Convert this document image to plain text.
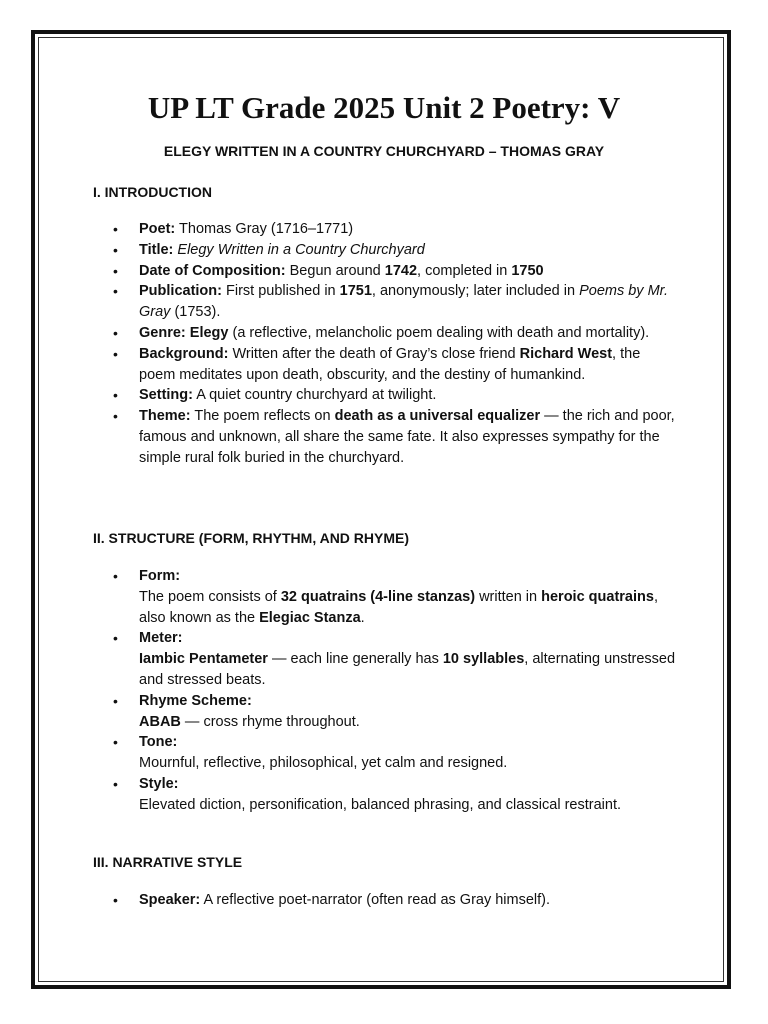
UP LT Grade 2025 Unit 2 Poetry: V

ELEGY WRITTEN IN A COUNTRY CHURCHYARD – THOMAS GRAY

I. INTRODUCTION

• Poet: Thomas Gray (1716–1771)
• Title: Elegy Written in a Country Churchyard
• Date of Composition: Begun around 1742, completed in 1750
• Publication: First published in 1751, anonymously; later included in Poems by Mr. Gray (1753).
• Genre: Elegy (a reflective, melancholic poem dealing with death and mortality).
• Background: Written after the death of Gray’s close friend Richard West, the poem meditates upon death, obscurity, and the destiny of humankind.
• Setting: A quiet country churchyard at twilight.
• Theme: The poem reflects on death as a universal equalizer — the rich and poor, famous and unknown, all share the same fate. It also expresses sympathy for the simple rural folk buried in the churchyard.

II. STRUCTURE (FORM, RHYTHM, AND RHYME)

• Form:
The poem consists of 32 quatrains (4-line stanzas) written in heroic quatrains, also known as the Elegiac Stanza.
• Meter:
Iambic Pentameter — each line generally has 10 syllables, alternating unstressed and stressed beats.
• Rhyme Scheme:
ABAB — cross rhyme throughout.
• Tone:
Mournful, reflective, philosophical, yet calm and resigned.
• Style:
Elevated diction, personification, balanced phrasing, and classical restraint.

III. NARRATIVE STYLE

• Speaker: A reflective poet-narrator (often read as Gray himself).
